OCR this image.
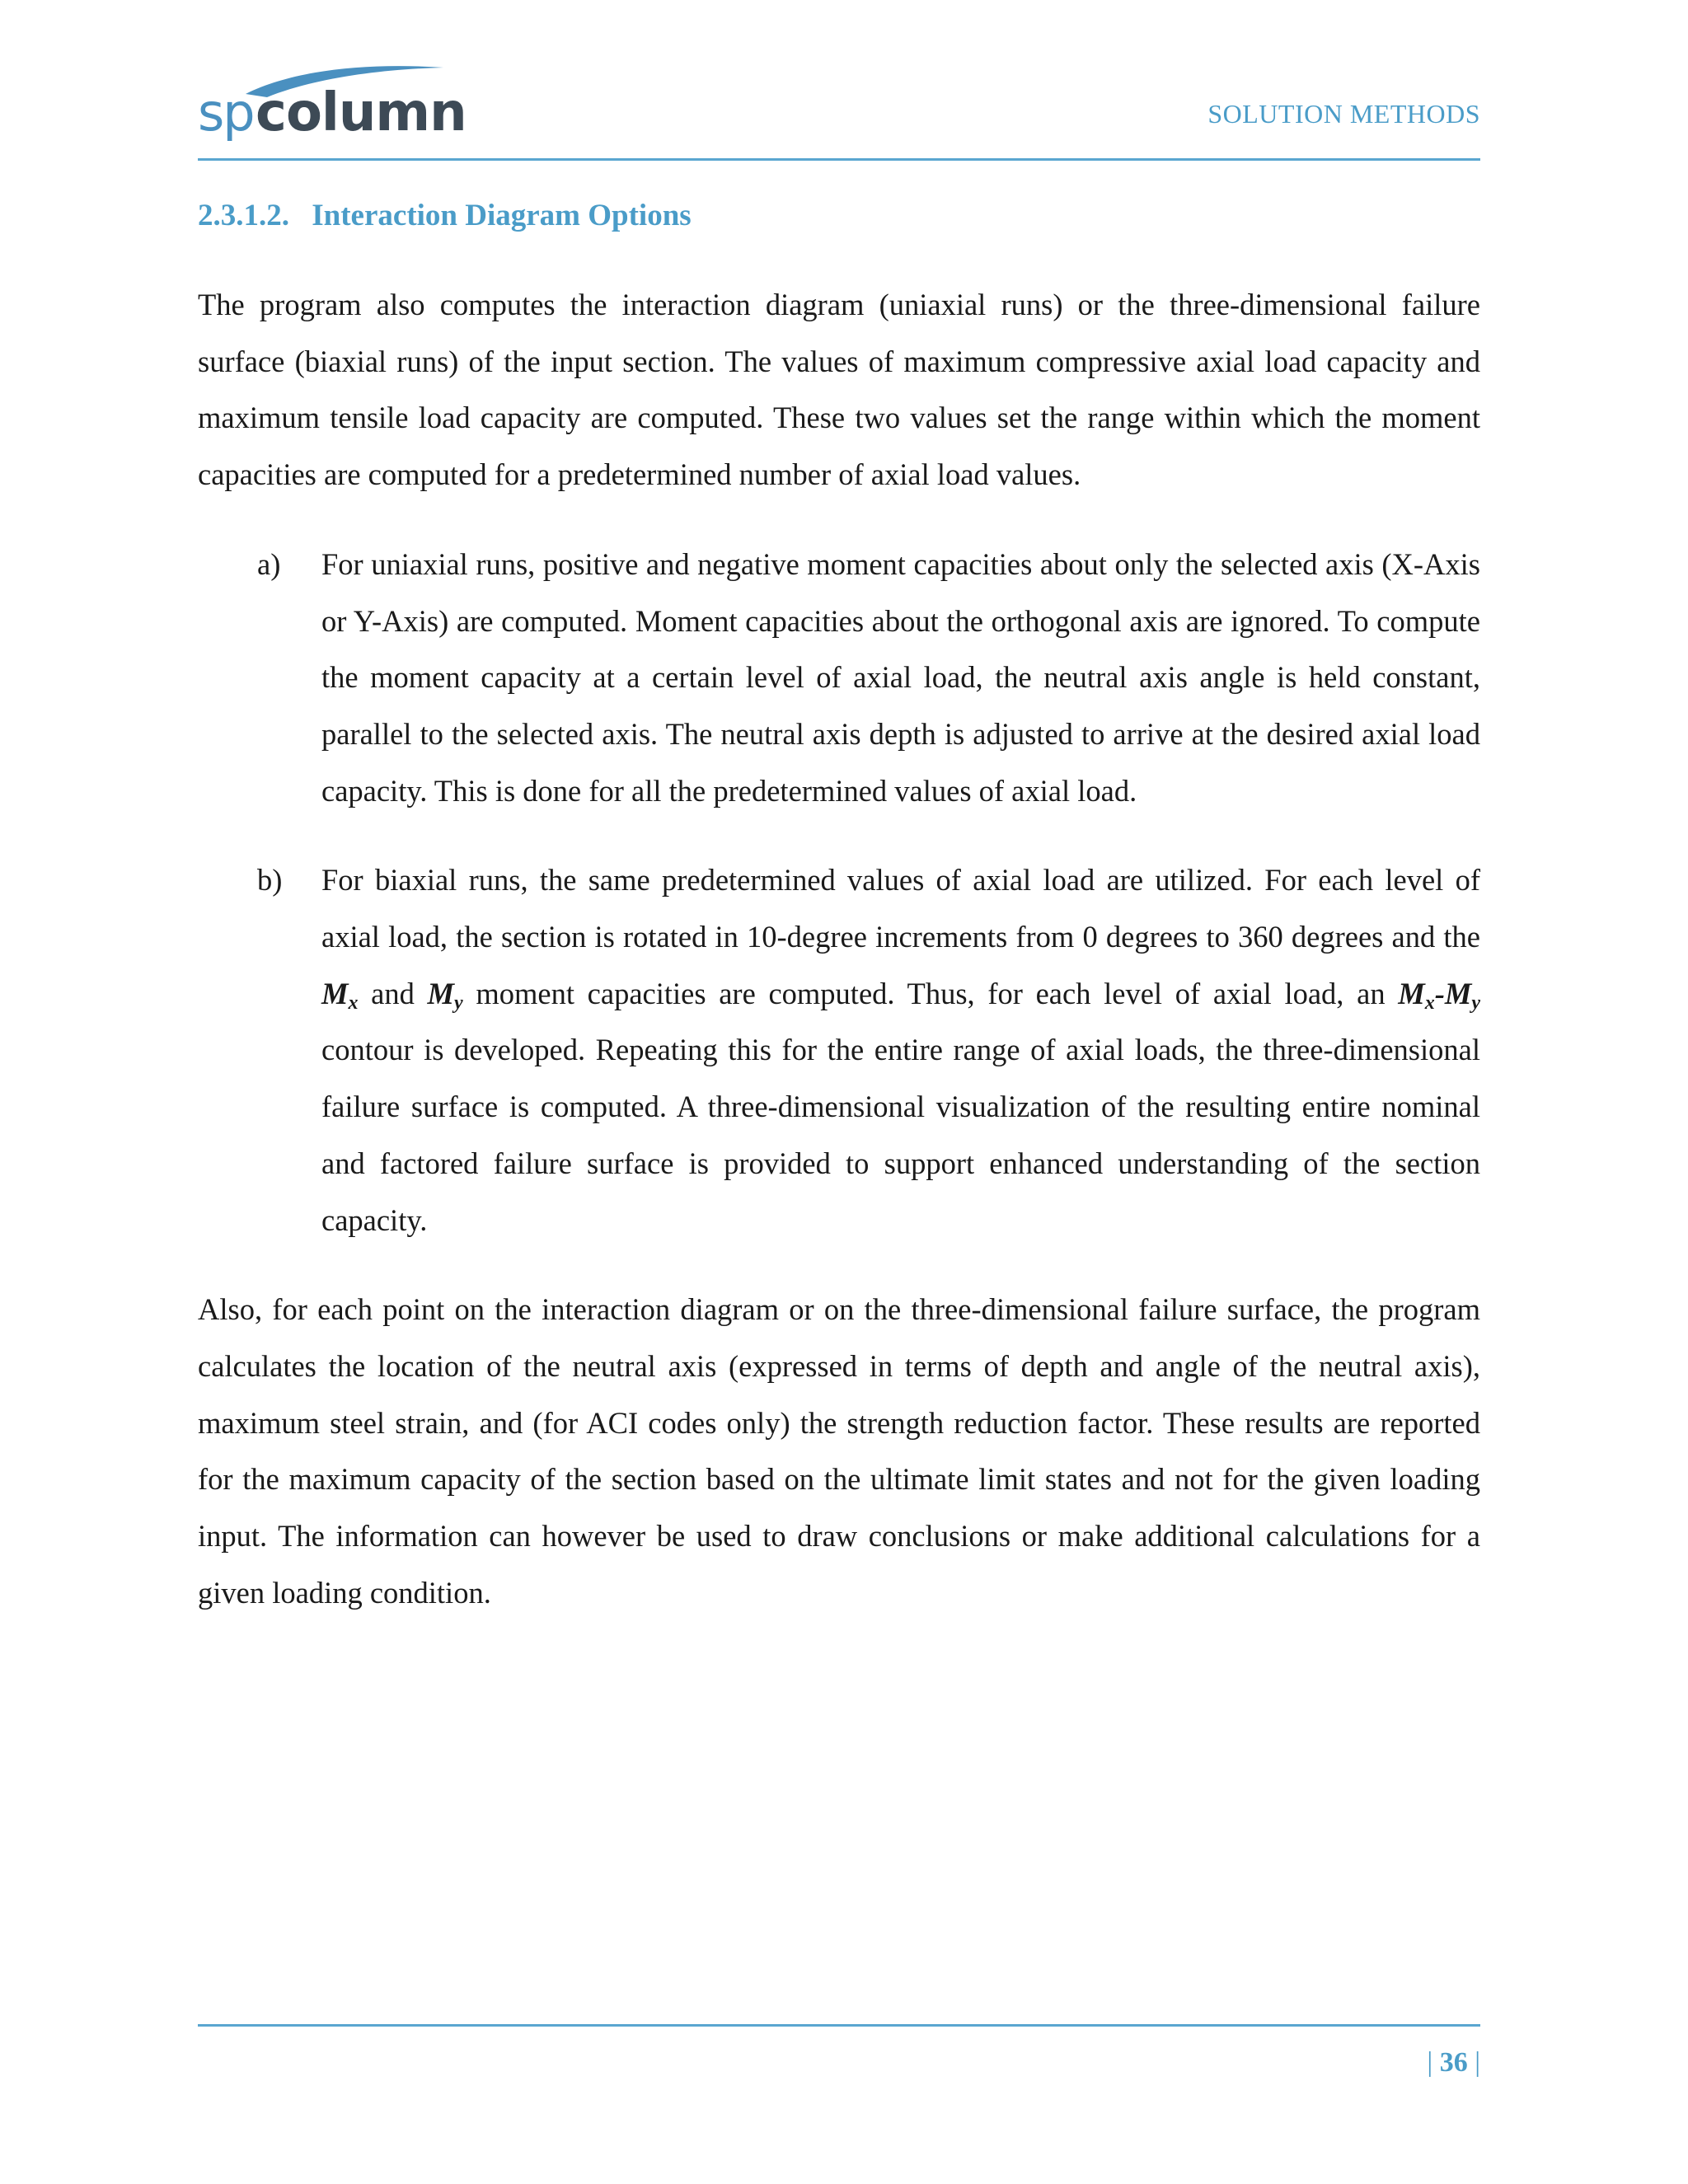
sp column	SOLUTION METHODS
2.3.1.2. Interaction Diagram Options

The program also computes the interaction diagram (uniaxial runs) or the three-dimensional failure surface (biaxial runs) of the input section. The values of maximum compressive axial load capacity and maximum tensile load capacity are computed. These two values set the range within which the moment capacities are computed for a predetermined number of axial load values.

a) For uniaxial runs, positive and negative moment capacities about only the selected axis (X-Axis or Y-Axis) are computed. Moment capacities about the orthogonal axis are ignored. To compute the moment capacity at a certain level of axial load, the neutral axis angle is held constant, parallel to the selected axis. The neutral axis depth is adjusted to arrive at the desired axial load capacity. This is done for all the predetermined values of axial load.
b) For biaxial runs, the same predetermined values of axial load are utilized. For each level of axial load, the section is rotated in 10-degree increments from 0 degrees to 360 degrees and the $M_x$ and $M_y$ moment capacities are computed. Thus, for each level of axial load, an $M_x-M_y$ contour is developed. Repeating this for the entire range of axial loads, the three-dimensional failure surface is computed. A three-dimensional visualization of the resulting entire nominal and factored failure surface is provided to support enhanced understanding of the section capacity.

Also, for each point on the interaction diagram or on the three-dimensional failure surface, the program calculates the location of the neutral axis (expressed in terms of depth and angle of the neutral axis), maximum steel strain, and (for ACI codes only) the strength reduction factor. These results are reported for the maximum capacity of the section based on the ultimate limit states and not for the given loading input. The information can however be used to draw conclusions or make additional calculations for a given loading condition.

| 36 |
